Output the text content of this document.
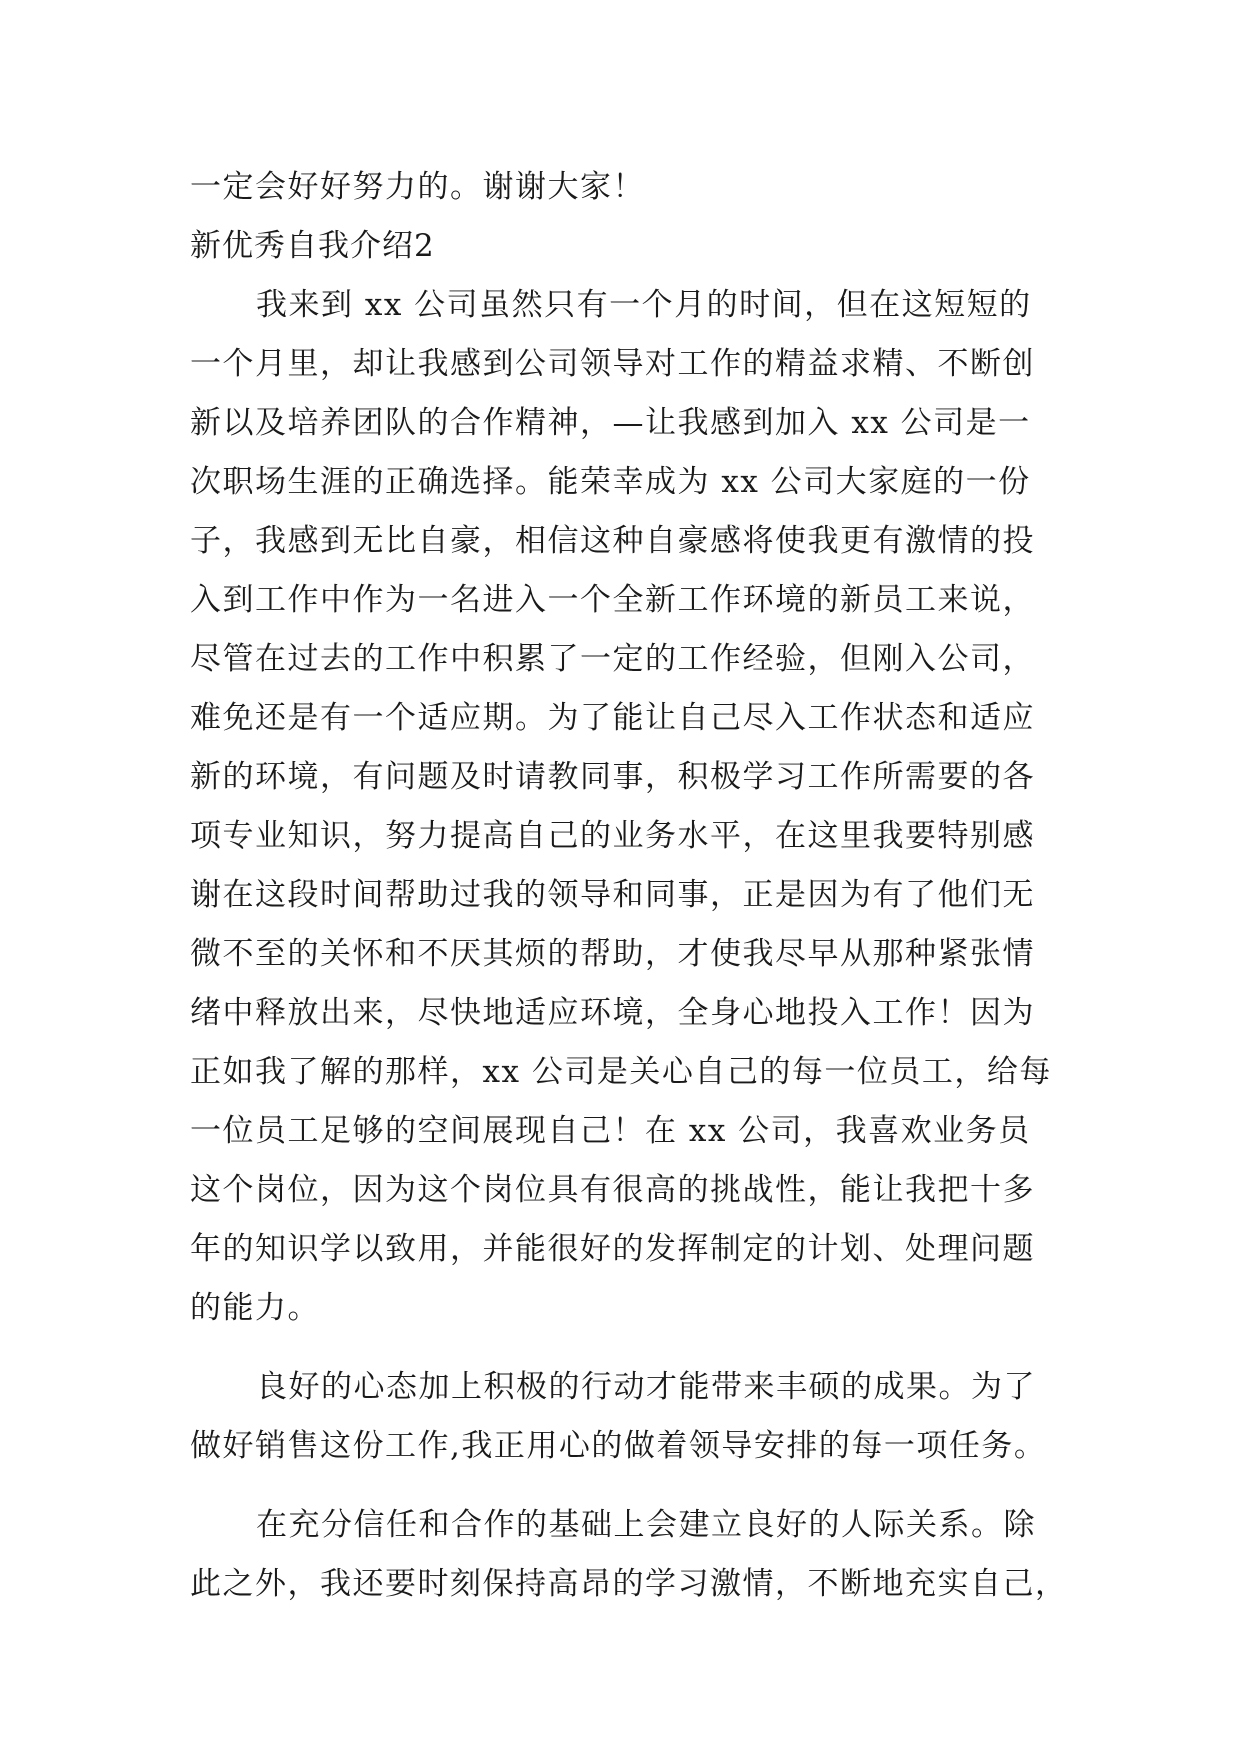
一定会好好努力的。谢谢大家！
新优秀自我介绍2
我来到 xx 公司虽然只有一个月的时间，但在这短短的
一个月里，却让我感到公司领导对工作的精益求精、不断创
新以及培养团队的合作精神，—让我感到加入 xx 公司是一
次职场生涯的正确选择。能荣幸成为 xx 公司大家庭的一份
子，我感到无比自豪，相信这种自豪感将使我更有激情的投
入到工作中作为一名进入一个全新工作环境的新员工来说，
尽管在过去的工作中积累了一定的工作经验，但刚入公司，
难免还是有一个适应期。为了能让自己尽入工作状态和适应
新的环境，有问题及时请教同事，积极学习工作所需要的各
项专业知识，努力提高自己的业务水平，在这里我要特别感
谢在这段时间帮助过我的领导和同事，正是因为有了他们无
微不至的关怀和不厌其烦的帮助，才使我尽早从那种紧张情
绪中释放出来，尽快地适应环境，全身心地投入工作！因为
正如我了解的那样，xx 公司是关心自己的每一位员工，给每
一位员工足够的空间展现自己！在 xx 公司，我喜欢业务员
这个岗位，因为这个岗位具有很高的挑战性，能让我把十多
年的知识学以致用，并能很好的发挥制定的计划、处理问题
的能力。
良好的心态加上积极的行动才能带来丰硕的成果。为了
做好销售这份工作,我正用心的做着领导安排的每一项任务。
在充分信任和合作的基础上会建立良好的人际关系。除
此之外，我还要时刻保持高昂的学习激情，不断地充实自己，
